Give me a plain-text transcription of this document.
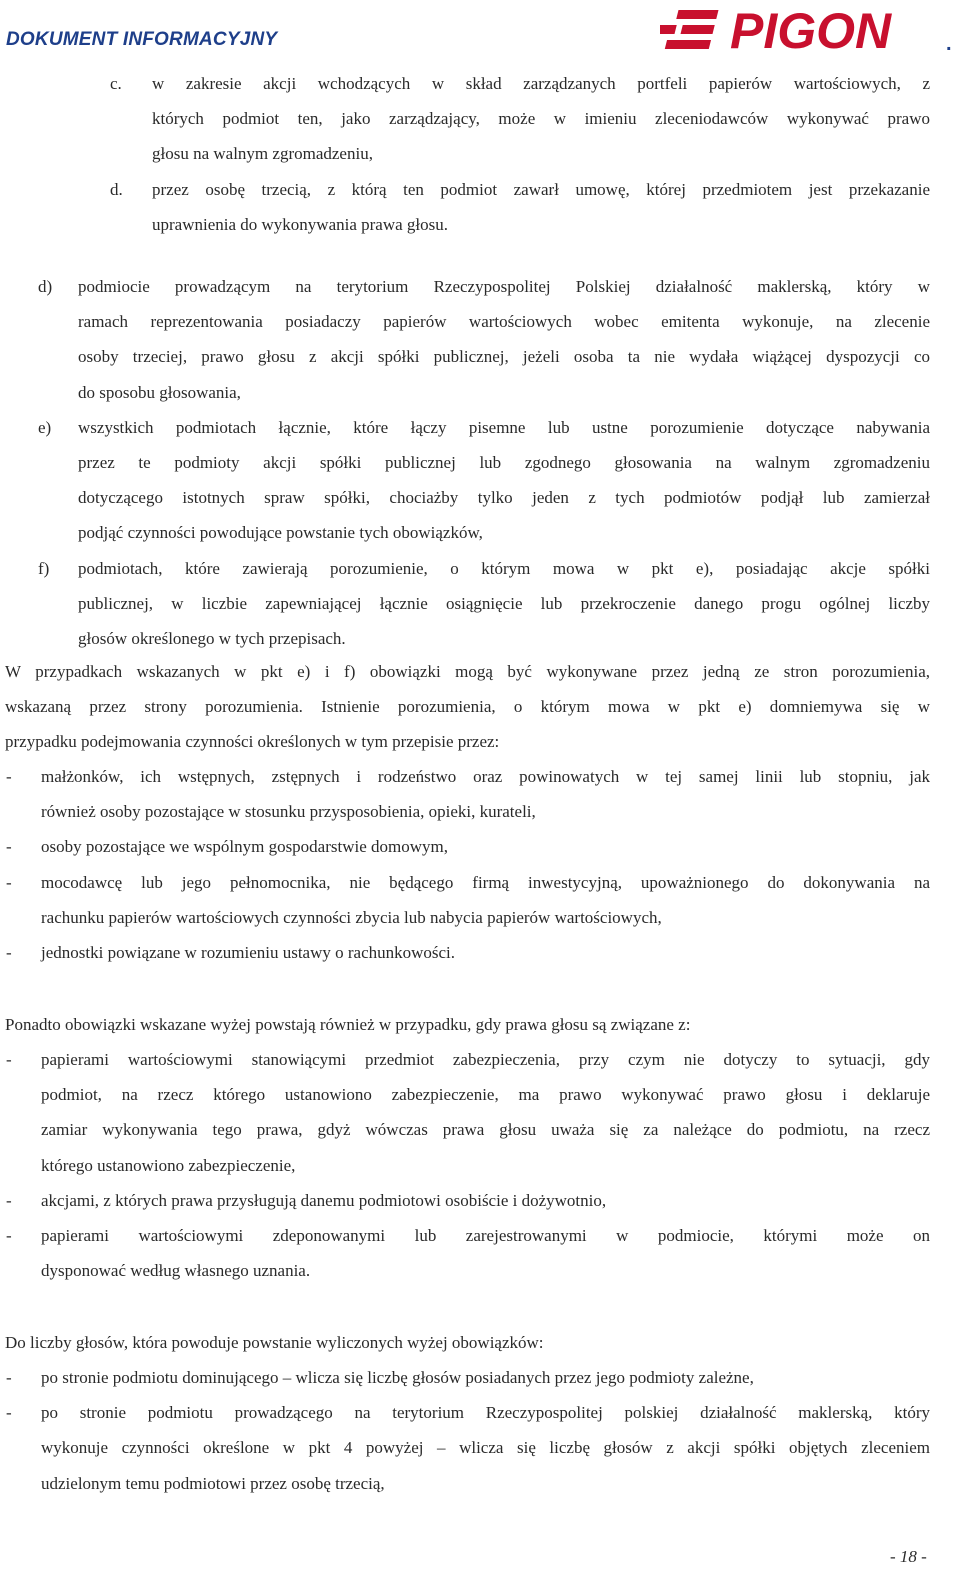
DOKUMENT INFORMACYJNY	PIGON	.
c. w zakresie akcji wchodzących w skład zarządzanych portfeli papierów wartościowych, z
których podmiot ten, jako zarządzający, może w imieniu zleceniodawców wykonywać prawo
głosu na walnym zgromadzeniu,
d. przez osobę trzecią, z którą ten podmiot zawarł umowę, której przedmiotem jest przekazanie
uprawnienia do wykonywania prawa głosu.
d) podmiocie prowadzącym na terytorium Rzeczypospolitej Polskiej działalność maklerską, który w
ramach reprezentowania posiadaczy papierów wartościowych wobec emitenta wykonuje, na zlecenie
osoby trzeciej, prawo głosu z akcji spółki publicznej, jeżeli osoba ta nie wydała wiążącej dyspozycji co
do sposobu głosowania,
e) wszystkich podmiotach łącznie, które łączy pisemne lub ustne porozumienie dotyczące nabywania
przez te podmioty akcji spółki publicznej lub zgodnego głosowania na walnym zgromadzeniu
dotyczącego istotnych spraw spółki, chociażby tylko jeden z tych podmiotów podjął lub zamierzał
podjąć czynności powodujące powstanie tych obowiązków,
f) podmiotach, które zawierają porozumienie, o którym mowa w pkt e), posiadając akcje spółki
publicznej, w liczbie zapewniającej łącznie osiągnięcie lub przekroczenie danego progu ogólnej liczby
głosów określonego w tych przepisach.
W przypadkach wskazanych w pkt e) i f) obowiązki mogą być wykonywane przez jedną ze stron porozumienia,
wskazaną przez strony porozumienia. Istnienie porozumienia, o którym mowa w pkt e) domniemywa się w
przypadku podejmowania czynności określonych w tym przepisie przez:
- małżonków, ich wstępnych, zstępnych i rodzeństwo oraz powinowatych w tej samej linii lub stopniu, jak
również osoby pozostające w stosunku przysposobienia, opieki, kurateli,
- osoby pozostające we wspólnym gospodarstwie domowym,
- mocodawcę lub jego pełnomocnika, nie będącego firmą inwestycyjną, upoważnionego do dokonywania na
rachunku papierów wartościowych czynności zbycia lub nabycia papierów wartościowych,
- jednostki powiązane w rozumieniu ustawy o rachunkowości.
Ponadto obowiązki wskazane wyżej powstają również w przypadku, gdy prawa głosu są związane z:
- papierami wartościowymi stanowiącymi przedmiot zabezpieczenia, przy czym nie dotyczy to sytuacji, gdy
podmiot, na rzecz którego ustanowiono zabezpieczenie, ma prawo wykonywać prawo głosu i deklaruje
zamiar wykonywania tego prawa, gdyż wówczas prawa głosu uważa się za należące do podmiotu, na rzecz
którego ustanowiono zabezpieczenie,
- akcjami, z których prawa przysługują danemu podmiotowi osobiście i dożywotnio,
- papierami wartościowymi zdeponowanymi lub zarejestrowanymi w podmiocie, którymi może on
dysponować według własnego uznania.
Do liczby głosów, która powoduje powstanie wyliczonych wyżej obowiązków:
- po stronie podmiotu dominującego – wlicza się liczbę głosów posiadanych przez jego podmioty zależne,
- po stronie podmiotu prowadzącego na terytorium Rzeczypospolitej polskiej działalność maklerską, który
wykonuje czynności określone w pkt 4 powyżej – wlicza się liczbę głosów z akcji spółki objętych zleceniem
udzielonym temu podmiotowi przez osobę trzecią,
- 18 -
